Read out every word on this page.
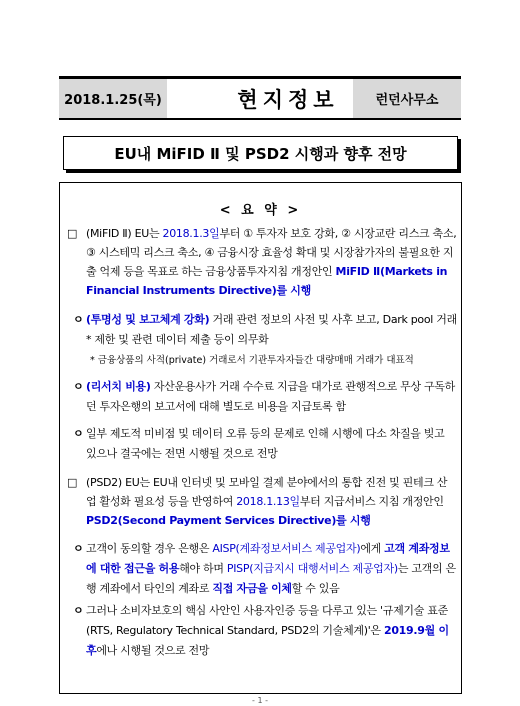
2018.1.25(목)	현지정보	런던사무소
EU내 MiFID Ⅱ 및 PSD2 시행과 향후 전망
< 요 약 >
□ (MiFID Ⅱ) EU는 2018.1.3일부터 ① 투자자 보호 강화, ② 시장교란 리스크 축소, ③ 시스테믹 리스크 축소, ④ 금융시장 효율성 확대 및 시장참가자의 불필요한 지출 억제 등을 목표로 하는 금융상품투자지침 개정안인 MiFID Ⅱ(Markets in Financial Instruments Directive)를 시행
ㅇ (투명성 및 보고체계 강화) 거래 관련 정보의 사전 및 사후 보고, Dark pool 거래* 제한 및 관련 데이터 제출 등이 의무화
* 금융상품의 사적(private) 거래로서 기관투자자들간 대량매매 거래가 대표적
ㅇ (리서치 비용) 자산운용사가 거래 수수료 지급을 대가로 관행적으로 무상 구독하던 투자은행의 보고서에 대해 별도로 비용을 지급토록 함
ㅇ 일부 제도적 미비점 및 데이터 오류 등의 문제로 인해 시행에 다소 차질을 빚고 있으나 결국에는 전면 시행될 것으로 전망
□ (PSD2) EU는 EU내 인터넷 및 모바일 결제 분야에서의 통합 진전 및 핀테크 산업 활성화 필요성 등을 반영하여 2018.1.13일부터 지급서비스 지침 개정안인 PSD2(Second Payment Services Directive)를 시행
ㅇ 고객이 동의할 경우 은행은 AISP(계좌정보서비스 제공업자)에게 고객 계좌정보에 대한 접근을 허용해야 하며 PISP(지급지시 대행서비스 제공업자)는 고객의 은행 계좌에서 타인의 계좌로 직접 자금을 이체할 수 있음
ㅇ 그러나 소비자보호의 핵심 사안인 사용자인증 등을 다루고 있는 '규제기술 표준(RTS, Regulatory Technical Standard, PSD2의 기술체계)'은 2019.9월 이후에나 시행될 것으로 전망
- 1 -
